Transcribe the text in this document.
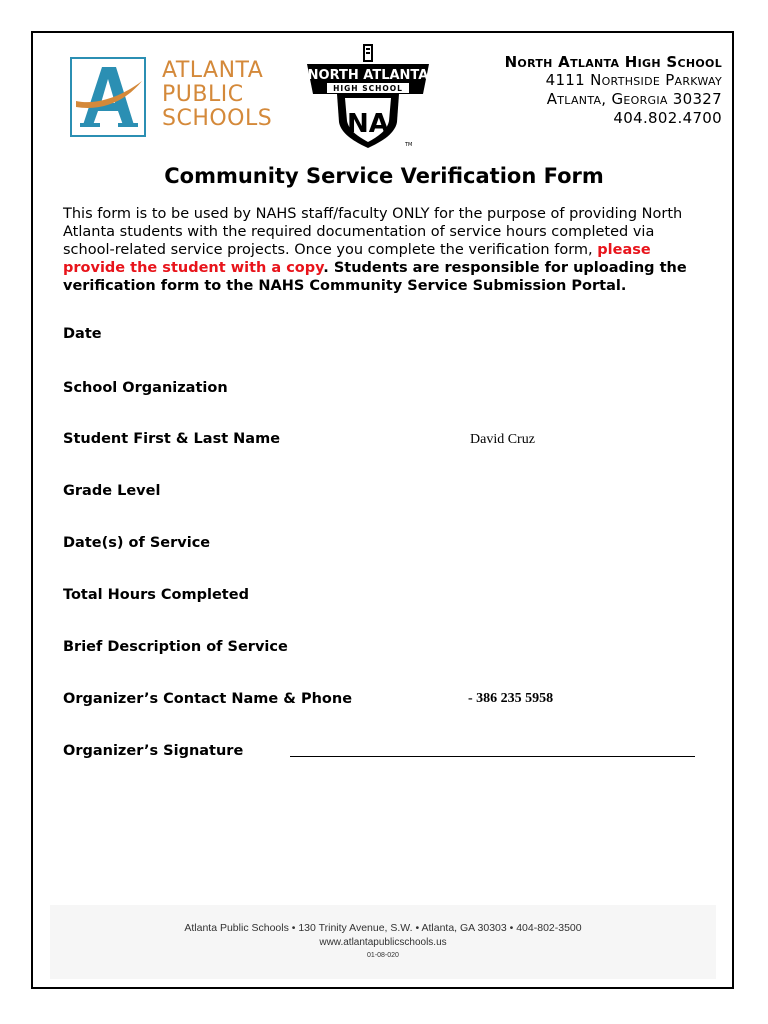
ATLANTA
PUBLIC
SCHOOLS
NORTH ATLANTA
HIGH SCHOOL
NA
TM
North Atlanta High School
4111 Northside Parkway
Atlanta, Georgia 30327
404.802.4700
Community Service Verification Form
This form is to be used by NAHS staff/faculty ONLY for the purpose of providing North Atlanta students with the required documentation of service hours completed via school-related service projects. Once you complete the verification form, please provide the student with a copy. Students are responsible for uploading the verification form to the NAHS Community Service Submission Portal.
Date
School Organization
Student First & Last Name	David Cruz
Grade Level
Date(s) of Service
Total Hours Completed
Brief Description of Service
Organizer’s Contact Name & Phone	- 386 235 5958
Organizer’s Signature
Atlanta Public Schools • 130 Trinity Avenue, S.W. • Atlanta, GA 30303 • 404-802-3500
www.atlantapublicschools.us
01-08-020
